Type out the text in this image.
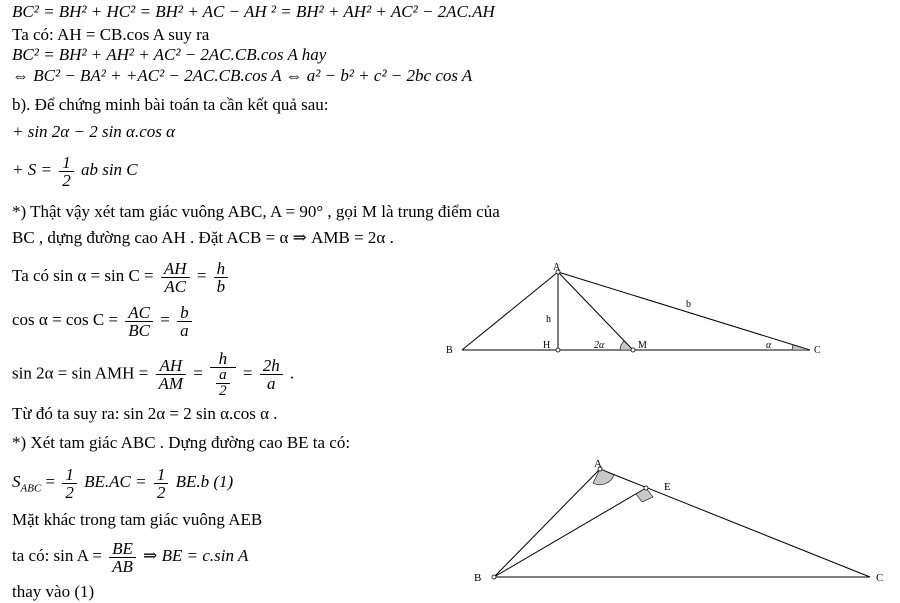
BC² = BH² + HC² = BH² + AC − AH ² = BH² + AH² + AC² − 2AC.AH
Ta có: AH = CB.cos A suy ra
BC² = BH² + AH² + AC² − 2AC.CB.cos A hay
⇔ BC² − BA² + +AC² − 2AC.CB.cos A ⇔ a² − b² + c² − 2bc cos A
b). Để chứng minh bài toán ta cần kết quả sau:
+ sin 2α − 2 sin α.cos α
+ $S = \frac{1}{2}$ ab sin C
*) Thật vậy xét tam giác vuông ABC, A = 90° , gọi M là trung điểm của
BC , dựng đường cao AH . Đặt ACB = α ⇒ AMB = 2α .
Ta có $\sin \alpha = \sin C = \frac{AH}{AC} = \frac{h}{b}$
$\cos \alpha = \cos C = \frac{AC}{BC} = \frac{b}{a}$
sin 2α = sin AMH = $\frac{AH}{AM} = \frac{h}{\frac{a}{2}} = \frac{2h}{a}$ .
Từ đó ta suy ra: sin 2α = 2 sin α.cos α .
*) Xét tam giác ABC . Dựng đường cao BE ta có:
$S_{ABC} = \frac{1}{2} BE.AC = \frac{1}{2} BE.b$ (1)
Mặt khác trong tam giác vuông AEB
ta có: $\sin A = \frac{BE}{AB}$ ⇒ BE = c.sin A
thay vào (1)
A
B	H	M	C
h
b
2α	α
A
E
B	C
